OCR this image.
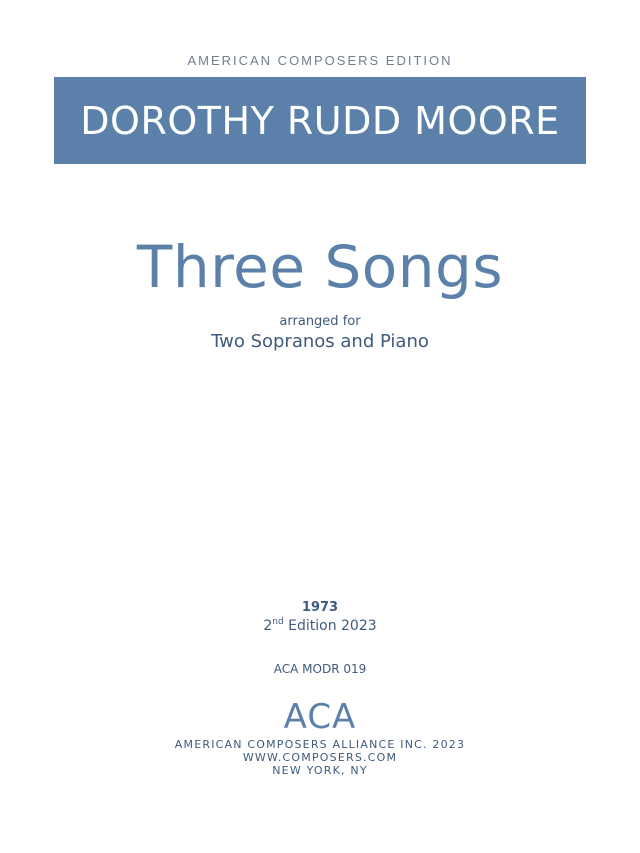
AMERICAN COMPOSERS EDITION
DOROTHY RUDD MOORE
Three Songs
arranged for
Two Sopranos and Piano
1973
2nd Edition 2023
ACA MODR 019
ACA
AMERICAN COMPOSERS ALLIANCE INC. 2023
WWW.COMPOSERS.COM
NEW YORK, NY
